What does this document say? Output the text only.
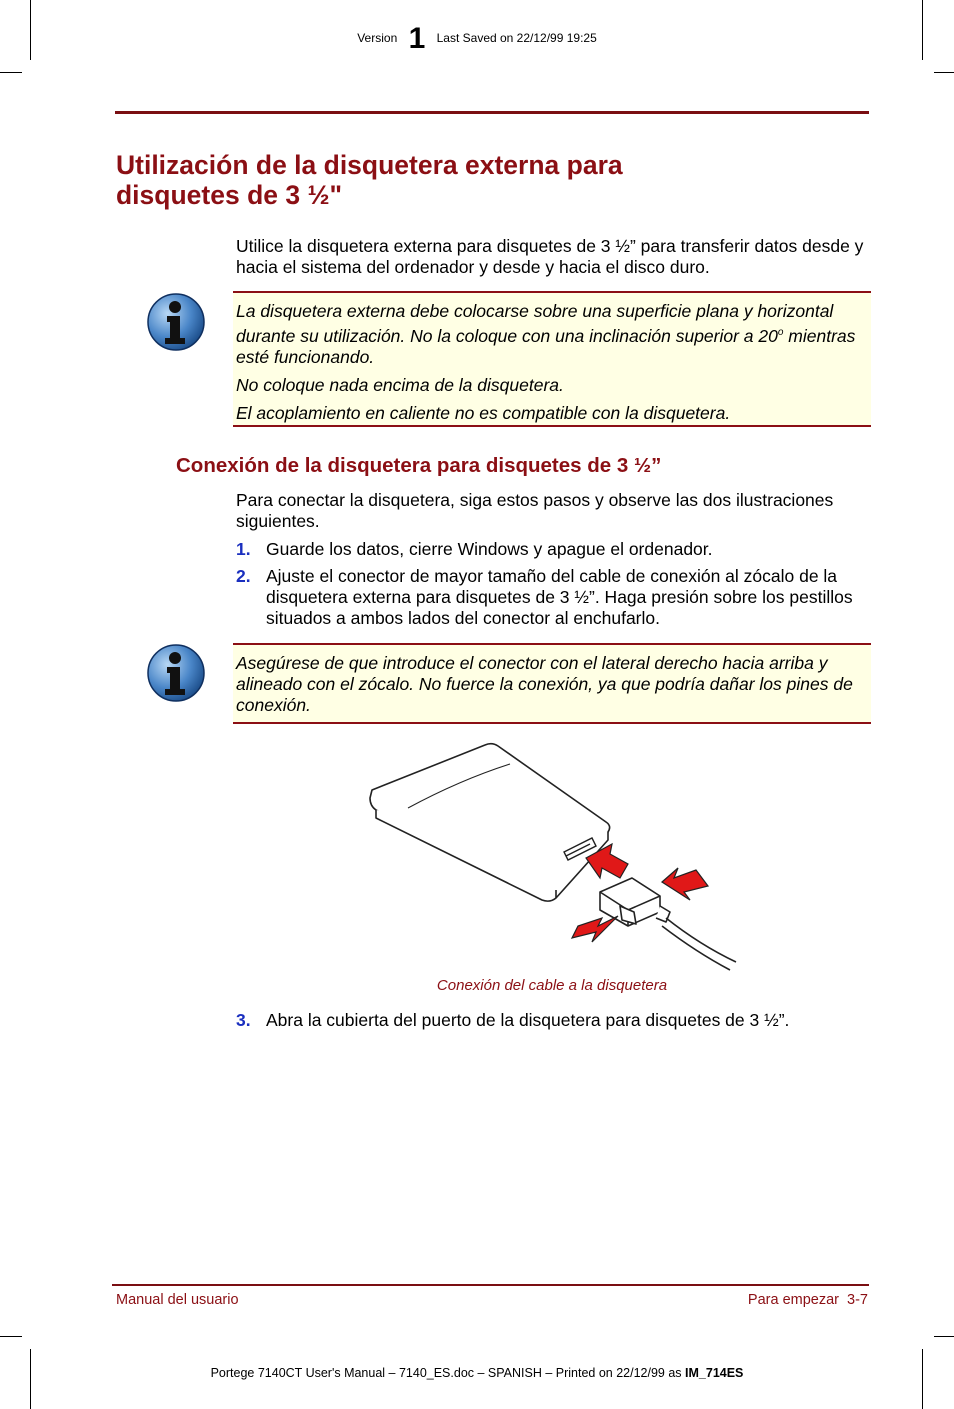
Version 1 Last Saved on 22/12/99 19:25
Utilización de la disquetera externa para disquetes de 3 ½"
Utilice la disquetera externa para disquetes de 3 ½” para transferir datos desde y hacia el sistema del ordenador y desde y hacia el disco duro.

La disquetera externa debe colocarse sobre una superficie plana y horizontal durante su utilización. No la coloque con una inclinación superior a 20$^o$ mientras esté funcionando.

No coloque nada encima de la disquetera.

El acoplamiento en caliente no es compatible con la disquetera.

Conexión de la disquetera para disquetes de 3 ½”
Para conectar la disquetera, siga estos pasos y observe las dos ilustraciones siguientes.
1. Guarde los datos, cierre Windows y apague el ordenador.
2. Ajuste el conector de mayor tamaño del cable de conexión al zócalo de la disquetera externa para disquetes de 3 ½”. Haga presión sobre los pestillos situados a ambos lados del conector al enchufarlo.

Asegúrese de que introduce el conector con el lateral derecho hacia arriba y alineado con el zócalo. No fuerce la conexión, ya que podría dañar los pines de conexión.

Conexión del cable a la disquetera
3. Abra la cubierta del puerto de la disquetera para disquetes de 3 ½”.
Manual del usuario	Para empezar  3-7
Portege 7140CT User's Manual – 7140_ES.doc – SPANISH – Printed on 22/12/99 as IM_714ES
